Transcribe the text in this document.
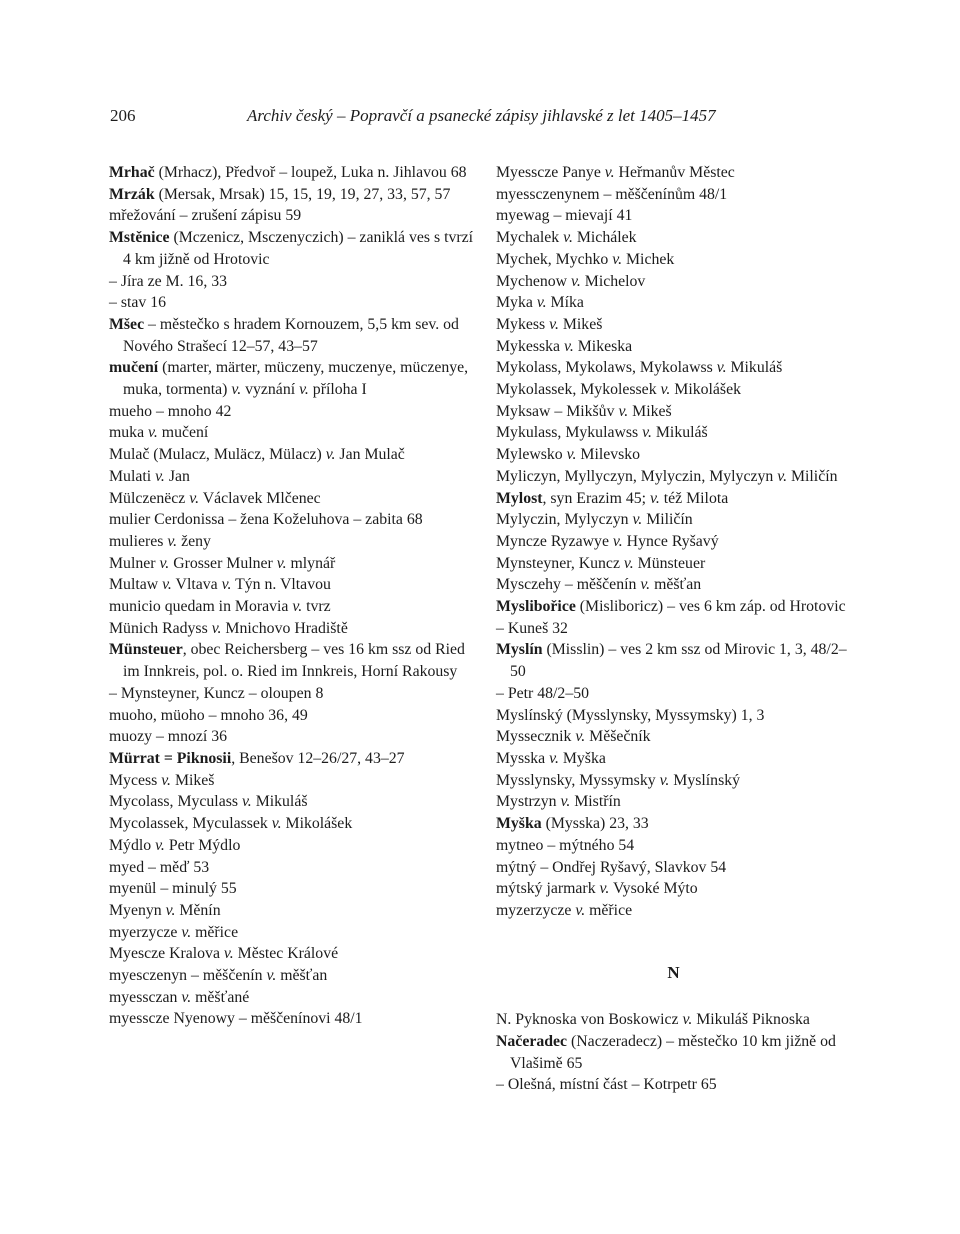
206	Archiv český – Popravčí a psanecké zápisy jihlavské z let 1405–1457
Mrhač (Mrhacz), Předvoř – loupež, Luka n. Jihlavou 68
Mrzák (Mersak, Mrsak) 15, 15, 19, 19, 27, 33, 57, 57
mřežování – zrušení zápisu 59
Mstěnice (Mczenicz, Msczenyczich) – zaniklá ves s tvrzí 4 km jižně od Hrotovic
– Jíra ze M. 16, 33
– stav 16
Mšec – městečko s hradem Kornouzem, 5,5 km sev. od Nového Strašecí 12–57, 43–57
mučení (marter, märter, müczeny, muczenye, müczenye, muka, tormenta) v. vyznání v. příloha I
mueho – mnoho 42
muka v. mučení
Mulač (Mulacz, Muläcz, Mülacz) v. Jan Mulač
Mulati v. Jan
Mülczenëcz v. Václavek Mlčenec
mulier Cerdonissa – žena Koželuhova – zabita 68
mulieres v. ženy
Mulner v. Grosser Mulner v. mlynář
Multaw v. Vltava v. Týn n. Vltavou
municio quedam in Moravia v. tvrz
Münich Radyss v. Mnichovo Hradiště
Münsteuer, obec Reichersberg – ves 16 km ssz od Ried im Innkreis, pol. o. Ried im Innkreis, Horní Rakousy
– Mynsteyner, Kuncz – oloupen 8
muoho, müoho – mnoho 36, 49
muozy – mnozí 36
Mürrat = Piknosii, Benešov 12–26/27, 43–27
Mycess v. Mikeš
Mycolass, Myculass v. Mikuláš
Mycolassek, Myculassek v. Mikolášek
Mýdlo v. Petr Mýdlo
myed – měď 53
myenül – minulý 55
Myenyn v. Měnín
myerzycze v. měřice
Myescze Kralova v. Městec Králové
myesczenyn – měščenín v. měšťan
myessczan v. měšťané
myesscze Nyenowy – měščenínovi 48/1
Myesscze Panye v. Heřmanův Městec
myessczenynem – měščenínům 48/1
myewag – mievají 41
Mychalek v. Michálek
Mychek, Mychko v. Michek
Mychenow v. Michelov
Myka v. Míka
Mykess v. Mikeš
Mykesska v. Mikeska
Mykolass, Mykolaws, Mykolawss v. Mikuláš
Mykolassek, Mykolessek v. Mikolášek
Myksaw – Mikšův v. Mikeš
Mykulass, Mykulawss v. Mikuláš
Mylewsko v. Milevsko
Myliczyn, Myllyczyn, Mylyczin, Mylyczyn v. Miličín
Mylost, syn Erazim 45; v. též Milota
Mylyczin, Mylyczyn v. Miličín
Myncze Ryzawye v. Hynce Ryšavý
Mynsteyner, Kuncz v. Münsteuer
Mysczehy – měščenín v. měšťan
Myslibořice (Misliboricz) – ves 6 km záp. od Hrotovic
– Kuneš 32
Myslín (Misslin) – ves 2 km ssz od Mirovic 1, 3, 48/2–50
– Petr 48/2–50
Myslínský (Mysslynsky, Myssymsky) 1, 3
Myssecznik v. Měšečník
Mysska v. Myška
Mysslynsky, Myssymsky v. Myslínský
Mystrzyn v. Mistřín
Myška (Mysska) 23, 33
mytneo – mýtného 54
mýtný – Ondřej Ryšavý, Slavkov 54
mýtský jarmark v. Vysoké Mýto
myzerzycze v. měřice
N
N. Pyknoska von Boskowicz v. Mikuláš Piknoska
Načeradec (Naczeradecz) – městečko 10 km jižně od Vlašimě 65
– Olešná, místní část – Kotrpetr 65
